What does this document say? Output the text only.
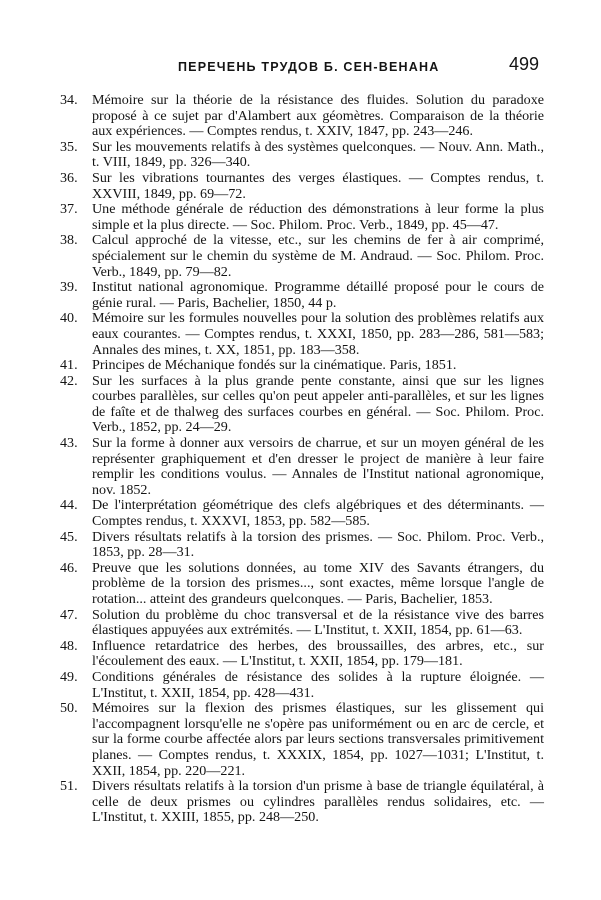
ПЕРЕЧЕНЬ ТРУДОВ Б. СЕН-ВЕНАНА	499
34.	Mémoire sur la théorie de la résistance des fluides. Solution du paradoxe proposé à ce sujet par d'Alambert aux géomètres. Comparaison de la théorie aux expériences. — Comptes rendus, t. XXIV, 1847, pp. 243—246.
35.	Sur les mouvements relatifs à des systèmes quelconques. — Nouv. Ann. Math., t. VIII, 1849, pp. 326—340.
36.	Sur les vibrations tournantes des verges élastiques. — Comptes rendus, t. XXVIII, 1849, pp. 69—72.
37.	Une méthode générale de réduction des démonstrations à leur forme la plus simple et la plus directe. — Soc. Philom. Proc. Verb., 1849, pp. 45—47.
38.	Calcul approché de la vitesse, etc., sur les chemins de fer à air comprimé, spécialement sur le chemin du système de M. Andraud. — Soc. Philom. Proc. Verb., 1849, pp. 79—82.
39.	Institut national agronomique. Programme détaillé proposé pour le cours de génie rural. — Paris, Bachelier, 1850, 44 p.
40.	Mémoire sur les formules nouvelles pour la solution des problèmes relatifs aux eaux courantes. — Comptes rendus, t. XXXI, 1850, pp. 283—286, 581—583; Annales des mines, t. XX, 1851, pp. 183—358.
41.	Principes de Méchanique fondés sur la cinématique. Paris, 1851.
42.	Sur les surfaces à la plus grande pente constante, ainsi que sur les lignes courbes parallèles, sur celles qu'on peut appeler anti-parallèles, et sur les lignes de faîte et de thalweg des surfaces courbes en général. — Soc. Philom. Proc. Verb., 1852, pp. 24—29.
43.	Sur la forme à donner aux versoirs de charrue, et sur un moyen général de les représenter graphiquement et d'en dresser le project de manière à leur faire remplir les conditions voulus. — Annales de l'Institut national agronomique, nov. 1852.
44.	De l'interprétation géométrique des clefs algébriques et des déterminants. — Comptes rendus, t. XXXVI, 1853, pp. 582—585.
45.	Divers résultats relatifs à la torsion des prismes. — Soc. Philom. Proc. Verb., 1853, pp. 28—31.
46.	Preuve que les solutions données, au tome XIV des Savants étrangers, du problème de la torsion des prismes..., sont exactes, même lorsque l'angle de rotation... atteint des grandeurs quelconques. — Paris, Bachelier, 1853.
47.	Solution du problème du choc transversal et de la résistance vive des barres élastiques appuyées aux extrémités. — L'Institut, t. XXII, 1854, pp. 61—63.
48.	Influence retardatrice des herbes, des broussailles, des arbres, etc., sur l'écoulement des eaux. — L'Institut, t. XXII, 1854, pp. 179—181.
49.	Conditions générales de résistance des solides à la rupture éloignée. — L'Institut, t. XXII, 1854, pp. 428—431.
50.	Mémoires sur la flexion des prismes élastiques, sur les glissement qui l'accompagnent lorsqu'elle ne s'opère pas uniformément ou en arc de cercle, et sur la forme courbe affectée alors par leurs sections transversales primitivement planes. — Comptes rendus, t. XXXIX, 1854, pp. 1027—1031; L'Institut, t. XXII, 1854, pp. 220—221.
51.	Divers résultats relatifs à la torsion d'un prisme à base de triangle équilatéral, à celle de deux prismes ou cylindres parallèles rendus solidaires, etc. — L'Institut, t. XXIII, 1855, pp. 248—250.
